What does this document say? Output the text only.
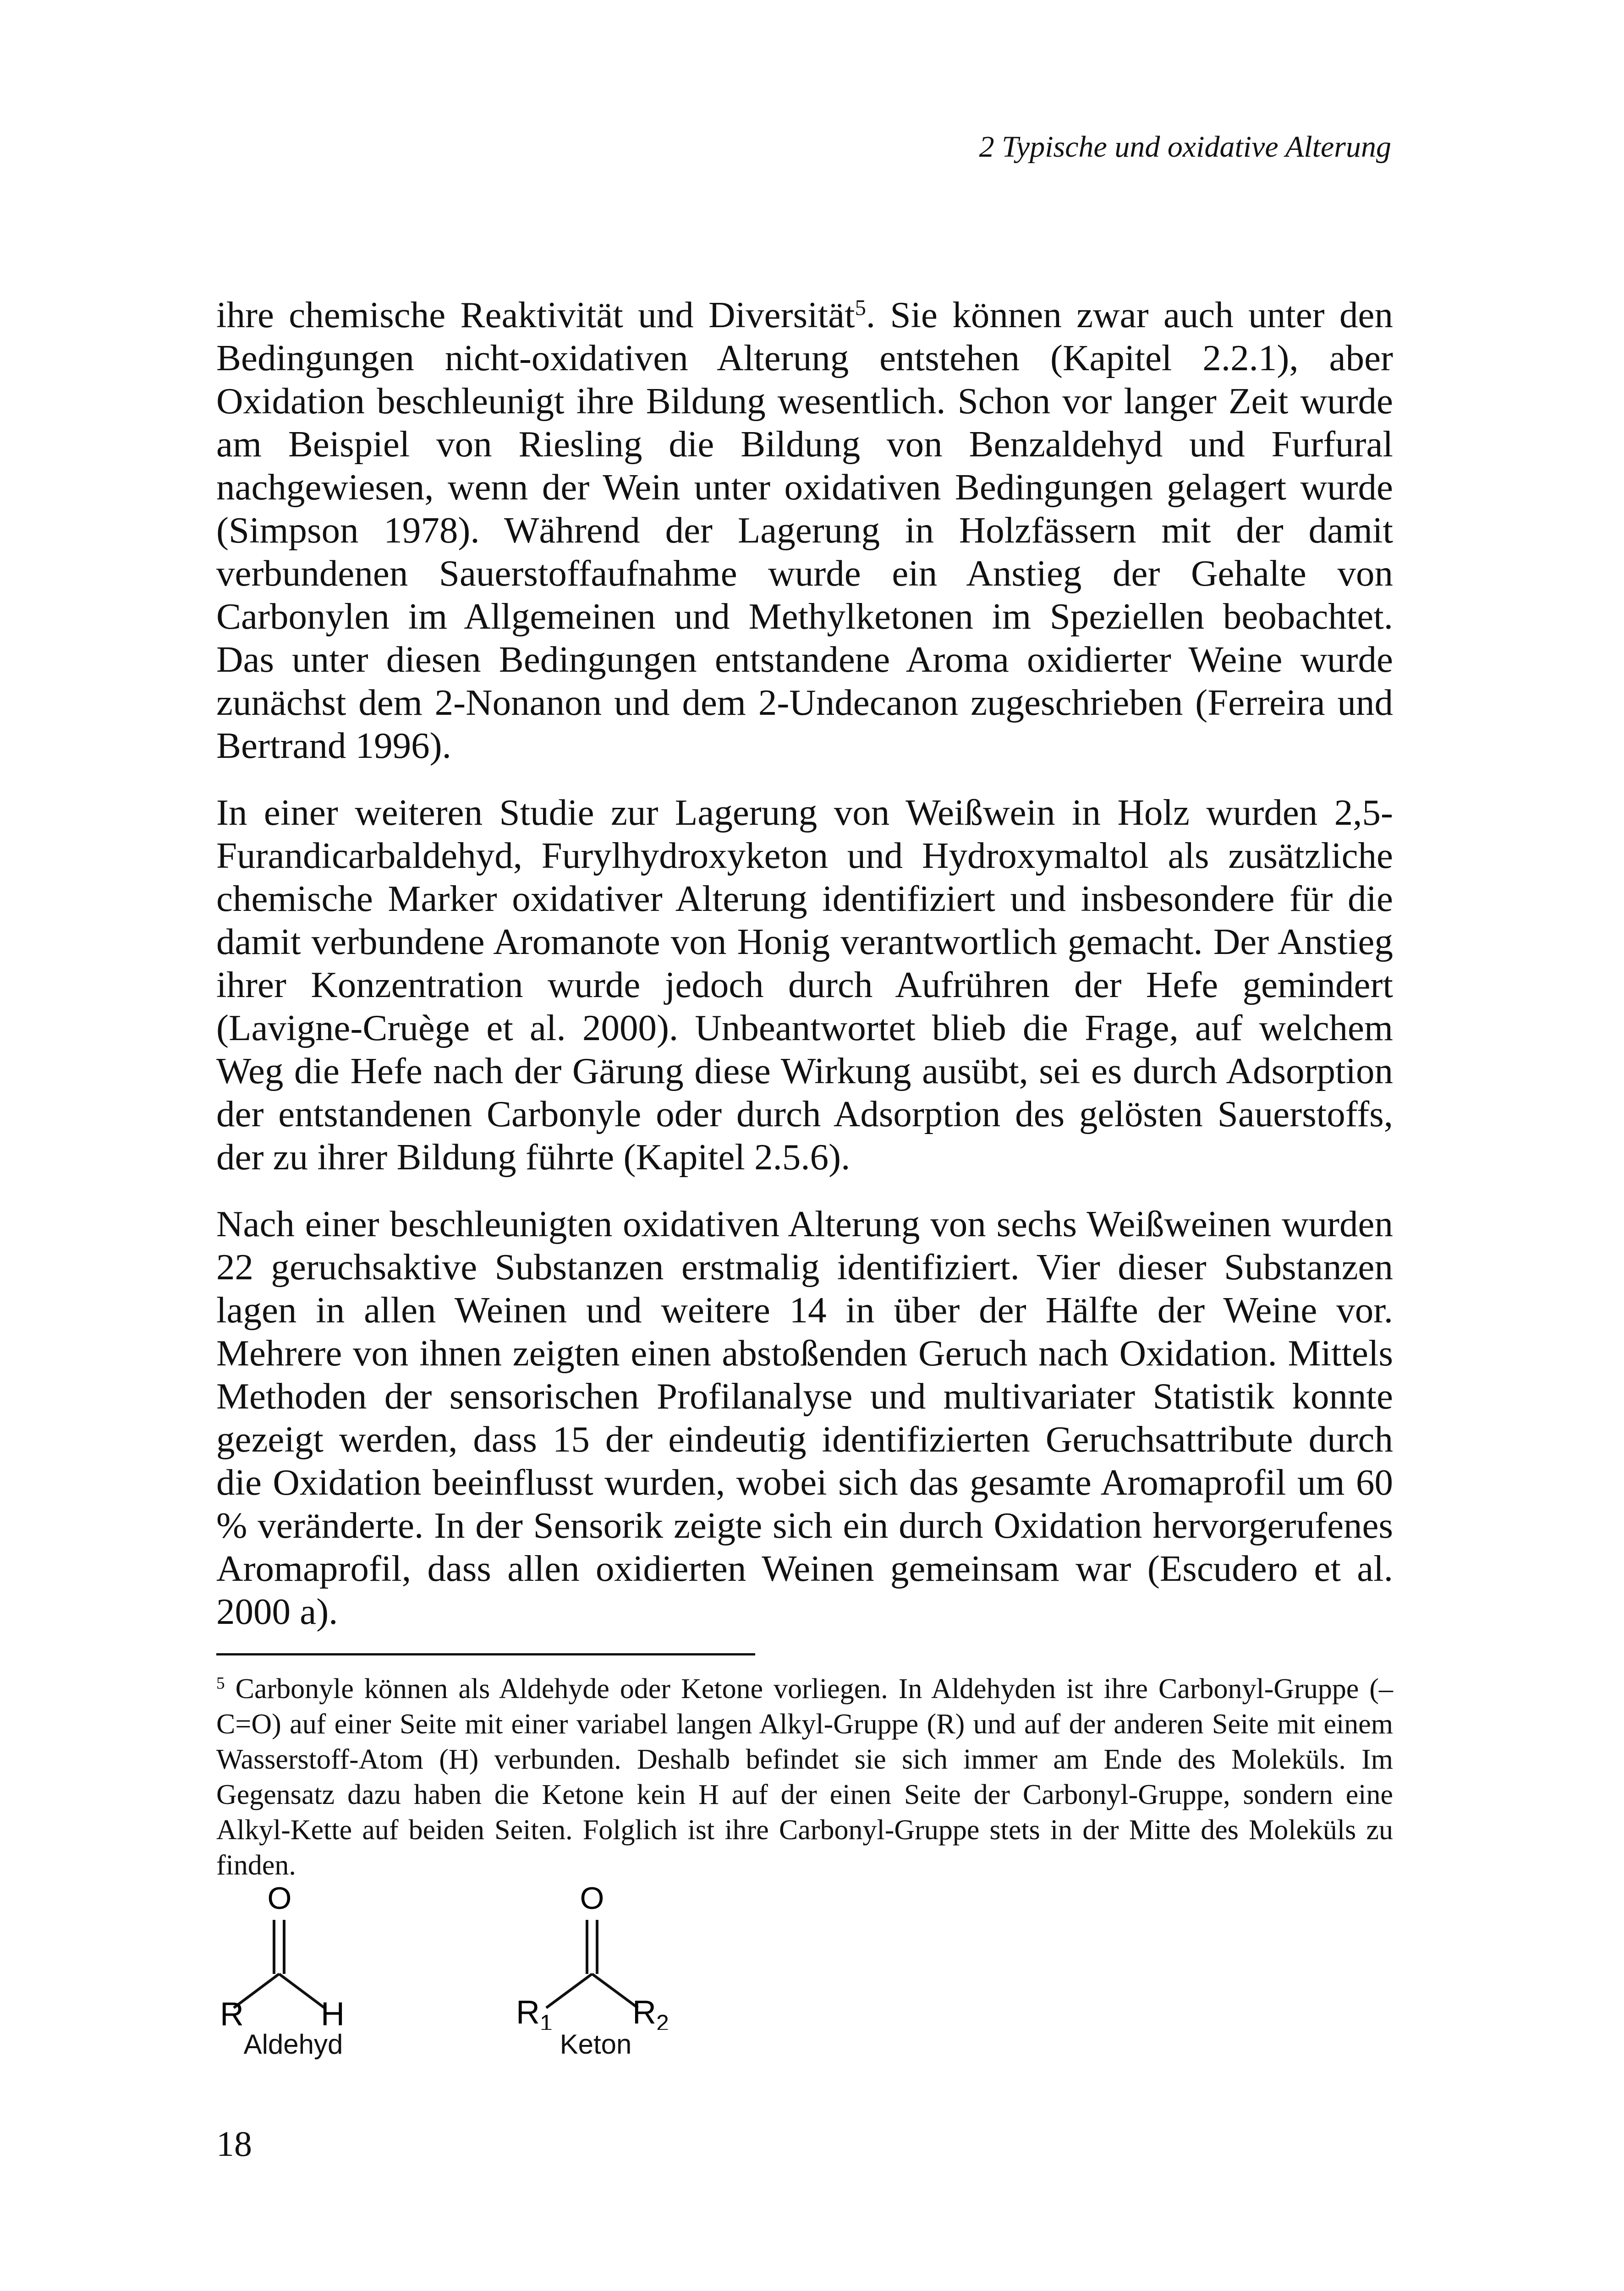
2 Typische und oxidative Alterung

ihre chemische Reaktivität und Diversität$^5$. Sie können zwar auch unter den Bedingungen nicht-oxidativen Alterung entstehen (Kapitel 2.2.1), aber Oxidation beschleunigt ihre Bildung wesentlich. Schon vor langer Zeit wurde am Beispiel von Riesling die Bildung von Benzaldehyd und Furfural nachgewiesen, wenn der Wein unter oxidativen Bedingungen gelagert wurde (Simpson 1978). Während der Lagerung in Holzfässern mit der damit verbundenen Sauerstoffaufnahme wurde ein Anstieg der Gehalte von Carbonylen im Allgemeinen und Methylketonen im Speziellen beobachtet. Das unter diesen Bedingungen entstandene Aroma oxidierter Weine wurde zunächst dem 2-Nonanon und dem 2-Undecanon zugeschrieben (Ferreira und Bertrand 1996).

In einer weiteren Studie zur Lagerung von Weißwein in Holz wurden 2,5-Furandicarbaldehyd, Furylhydroxyketon und Hydroxymaltol als zusätzliche chemische Marker oxidativer Alterung identifiziert und insbesondere für die damit verbundene Aromanote von Honig verantwortlich gemacht. Der Anstieg ihrer Konzentration wurde jedoch durch Aufrühren der Hefe gemindert (Lavigne-Cruège et al. 2000). Unbeantwortet blieb die Frage, auf welchem Weg die Hefe nach der Gärung diese Wirkung ausübt, sei es durch Adsorption der entstandenen Carbonyle oder durch Adsorption des gelösten Sauerstoffs, der zu ihrer Bildung führte (Kapitel 2.5.6).

Nach einer beschleunigten oxidativen Alterung von sechs Weißweinen wurden 22 geruchsaktive Substanzen erstmalig identifiziert. Vier dieser Substanzen lagen in allen Weinen und weitere 14 in über der Hälfte der Weine vor. Mehrere von ihnen zeigten einen abstoßenden Geruch nach Oxidation. Mittels Methoden der sensorischen Profilanalyse und multivariater Statistik konnte gezeigt werden, dass 15 der eindeutig identifizierten Geruchsattribute durch die Oxidation beeinflusst wurden, wobei sich das gesamte Aromaprofil um 60 % veränderte. In der Sensorik zeigte sich ein durch Oxidation hervorgerufenes Aromaprofil, dass allen oxidierten Weinen gemeinsam war (Escudero et al. 2000 a).

$^5$ Carbonyle können als Aldehyde oder Ketone vorliegen. In Aldehyden ist ihre Carbonyl-Gruppe (–C=O) auf einer Seite mit einer variabel langen Alkyl-Gruppe (R) und auf der anderen Seite mit einem Wasserstoff-Atom (H) verbunden. Deshalb befindet sie sich immer am Ende des Moleküls. Im Gegensatz dazu haben die Ketone kein H auf der einen Seite der Carbonyl-Gruppe, sondern eine Alkyl-Kette auf beiden Seiten. Folglich ist ihre Carbonyl-Gruppe stets in der Mitte des Moleküls zu finden.
O
R H
Aldehyd
O
$R_1$ $R_2$
Keton
18
